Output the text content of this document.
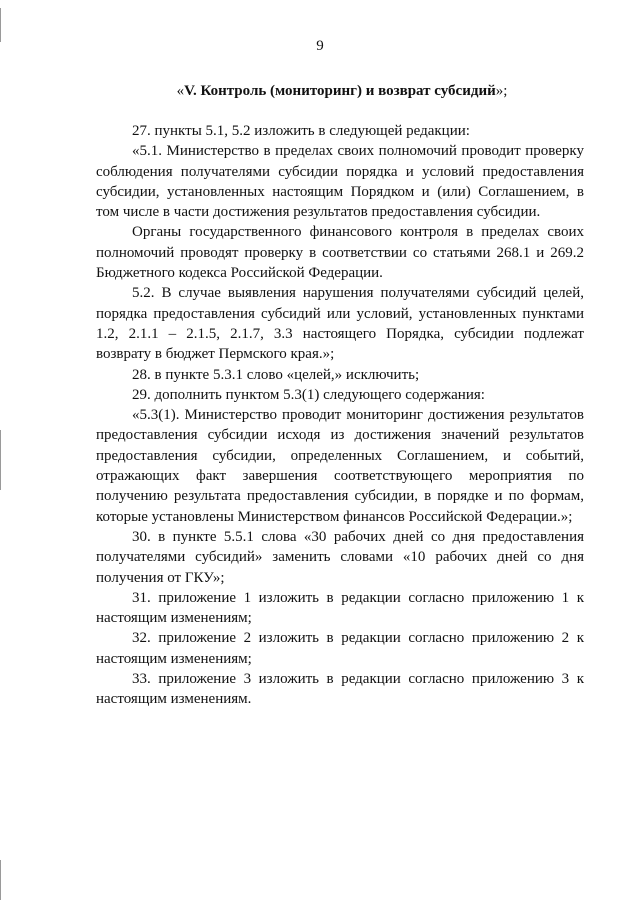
9
«V. Контроль (мониторинг) и возврат субсидий»;

27. пункты 5.1, 5.2 изложить в следующей редакции:

«5.1. Министерство в пределах своих полномочий проводит проверку соблюдения получателями субсидии порядка и условий предоставления субсидии, установленных настоящим Порядком и (или) Соглашением, в том числе в части достижения результатов предоставления субсидии.

Органы государственного финансового контроля в пределах своих полномочий проводят проверку в соответствии со статьями 268.1 и 269.2 Бюджетного кодекса Российской Федерации.

5.2. В случае выявления нарушения получателями субсидий целей, порядка предоставления субсидий или условий, установленных пунктами 1.2, 2.1.1 – 2.1.5, 2.1.7, 3.3 настоящего Порядка, субсидии подлежат возврату в бюджет Пермского края.»;

28. в пункте 5.3.1 слово «целей,» исключить;

29. дополнить пунктом 5.3(1) следующего содержания:

«5.3(1). Министерство проводит мониторинг достижения результатов предоставления субсидии исходя из достижения значений результатов предоставления субсидии, определенных Соглашением, и событий, отражающих факт завершения соответствующего мероприятия по получению результата предоставления субсидии, в порядке и по формам, которые установлены Министерством финансов Российской Федерации.»;

30. в пункте 5.5.1 слова «30 рабочих дней со дня предоставления получателями субсидий» заменить словами «10 рабочих дней со дня получения от ГКУ»;

31. приложение 1 изложить в редакции согласно приложению 1 к настоящим изменениям;

32. приложение 2 изложить в редакции согласно приложению 2 к настоящим изменениям;

33. приложение 3 изложить в редакции согласно приложению 3 к настоящим изменениям.
